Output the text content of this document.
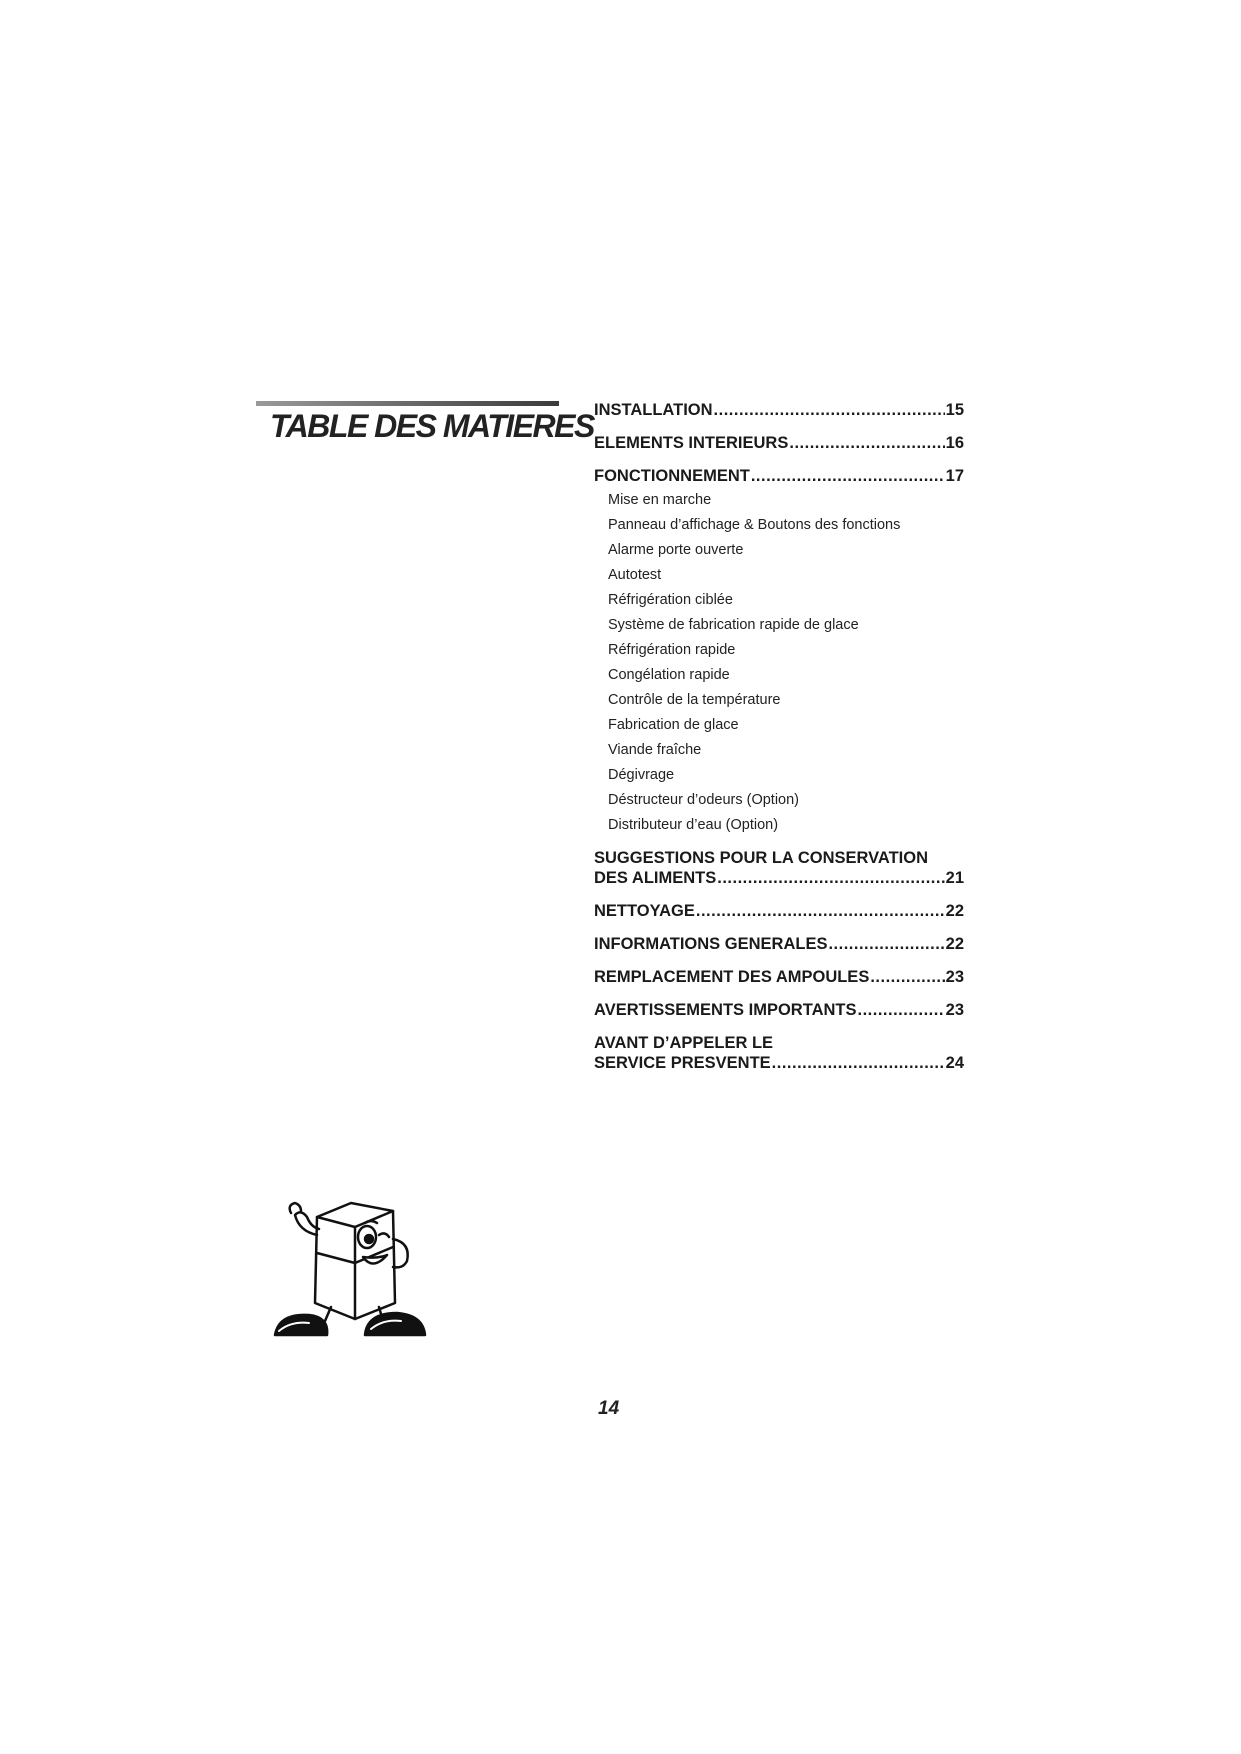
TABLE DES MATIERES INSTALLATION .....	15
ELEMENTS INTERIEURS .....	16
FONCTIONNEMENT .....	17
Mise en marche
Panneau d’affichage & Boutons des fonctions
Alarme porte ouverte
Autotest
Réfrigération ciblée
Système de fabrication rapide de glace
Réfrigération rapide
Congélation rapide
Contrôle de la température
Fabrication de glace
Viande fraîche
Dégivrage
Déstructeur d’odeurs (Option)
Distributeur d’eau (Option)
SUGGESTIONS POUR LA CONSERVATION
DES ALIMENTS .....	21
NETTOYAGE .....	22
INFORMATIONS GENERALES .....	22
REMPLACEMENT DES AMPOULES .....	23
AVERTISSEMENTS IMPORTANTS .....	23
AVANT D’APPELER LE
SERVICE PRESVENTE .....	24
14
